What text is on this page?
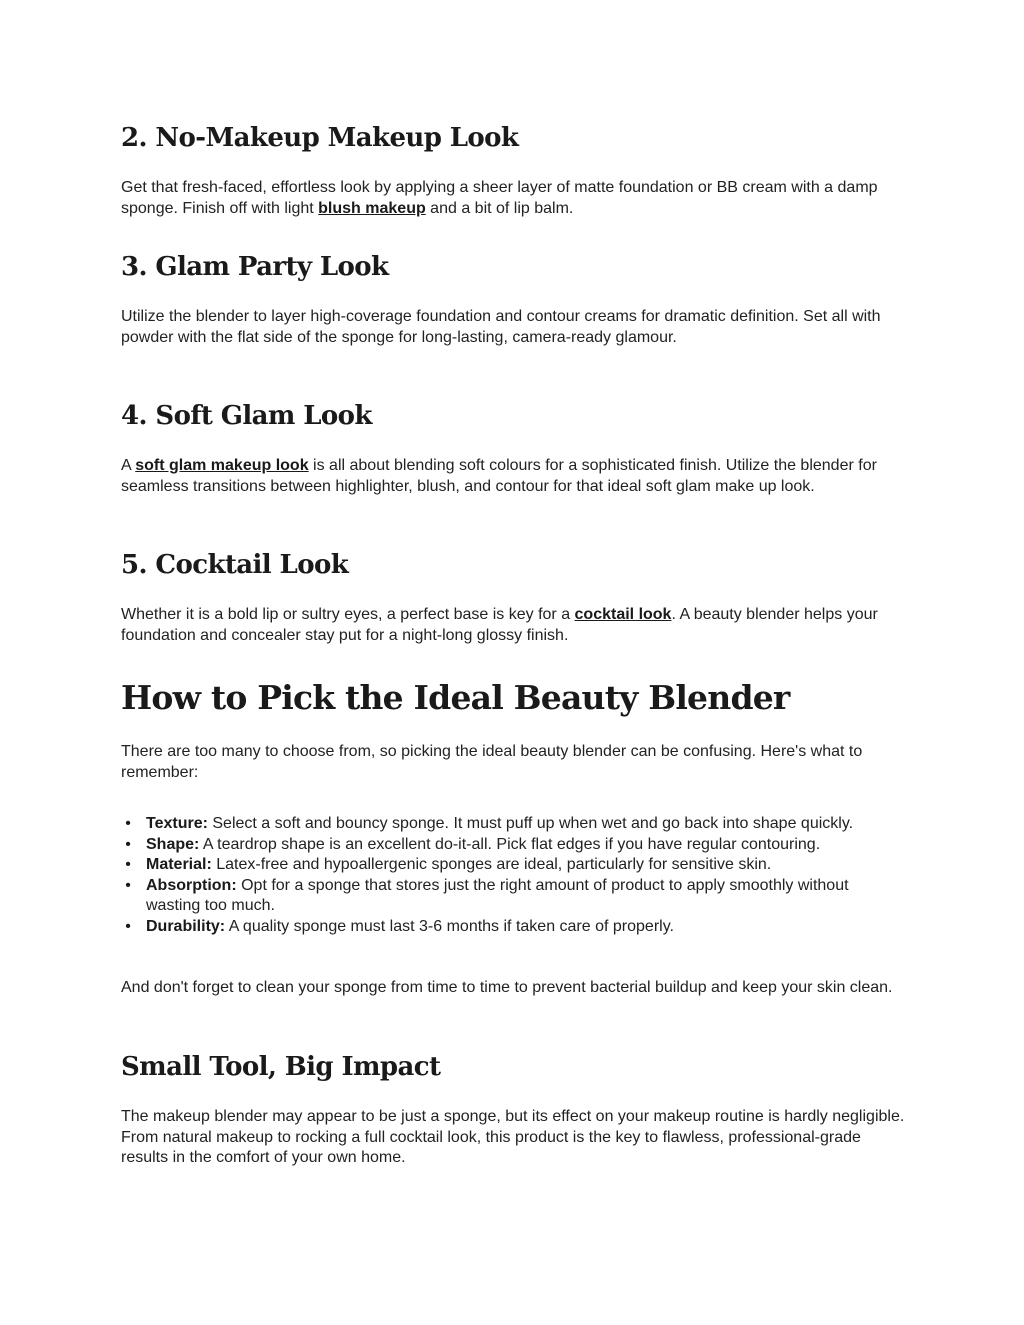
2. No-Makeup Makeup Look

Get that fresh-faced, effortless look by applying a sheer layer of matte foundation or BB cream with a damp sponge. Finish off with light blush makeup and a bit of lip balm.

3. Glam Party Look

Utilize the blender to layer high-coverage foundation and contour creams for dramatic definition. Set all with powder with the flat side of the sponge for long-lasting, camera-ready glamour.

4. Soft Glam Look

A soft glam makeup look is all about blending soft colours for a sophisticated finish. Utilize the blender for seamless transitions between highlighter, blush, and contour for that ideal soft glam make up look.

5. Cocktail Look

Whether it is a bold lip or sultry eyes, a perfect base is key for a cocktail look. A beauty blender helps your foundation and concealer stay put for a night-long glossy finish.

How to Pick the Ideal Beauty Blender

There are too many to choose from, so picking the ideal beauty blender can be confusing. Here's what to remember:

• Texture: Select a soft and bouncy sponge. It must puff up when wet and go back into shape quickly.
• Shape: A teardrop shape is an excellent do-it-all. Pick flat edges if you have regular contouring.
• Material: Latex-free and hypoallergenic sponges are ideal, particularly for sensitive skin.
• Absorption: Opt for a sponge that stores just the right amount of product to apply smoothly without wasting too much.
• Durability: A quality sponge must last 3-6 months if taken care of properly.

And don't forget to clean your sponge from time to time to prevent bacterial buildup and keep your skin clean.

Small Tool, Big Impact

The makeup blender may appear to be just a sponge, but its effect on your makeup routine is hardly negligible. From natural makeup to rocking a full cocktail look, this product is the key to flawless, professional-grade results in the comfort of your own home.
